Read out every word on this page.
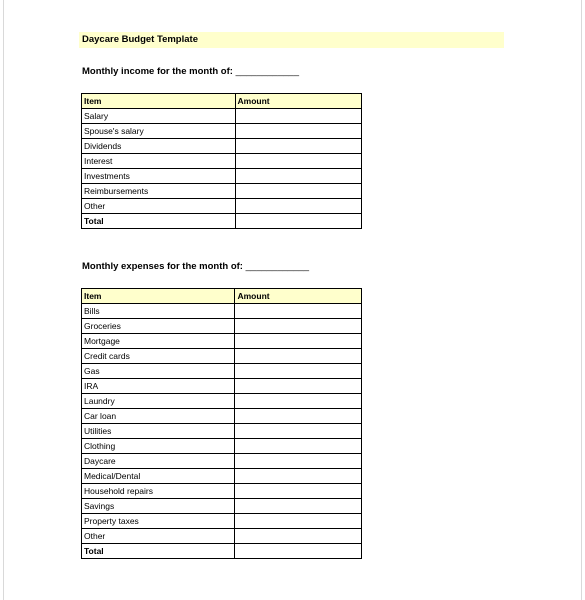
Daycare Budget Template
Monthly income for the month of: ____________
Item	Amount
Salary	
Spouse's salary	
Dividends	
Interest	
Investments	
Reimbursements	
Other	
Total	
Monthly expenses for the month of: ____________
Item	Amount
Bills	
Groceries	
Mortgage	
Credit cards	
Gas	
IRA	
Laundry	
Car loan	
Utilities	
Clothing	
Daycare	
Medical/Dental	
Household repairs	
Savings	
Property taxes	
Other	
Total	
